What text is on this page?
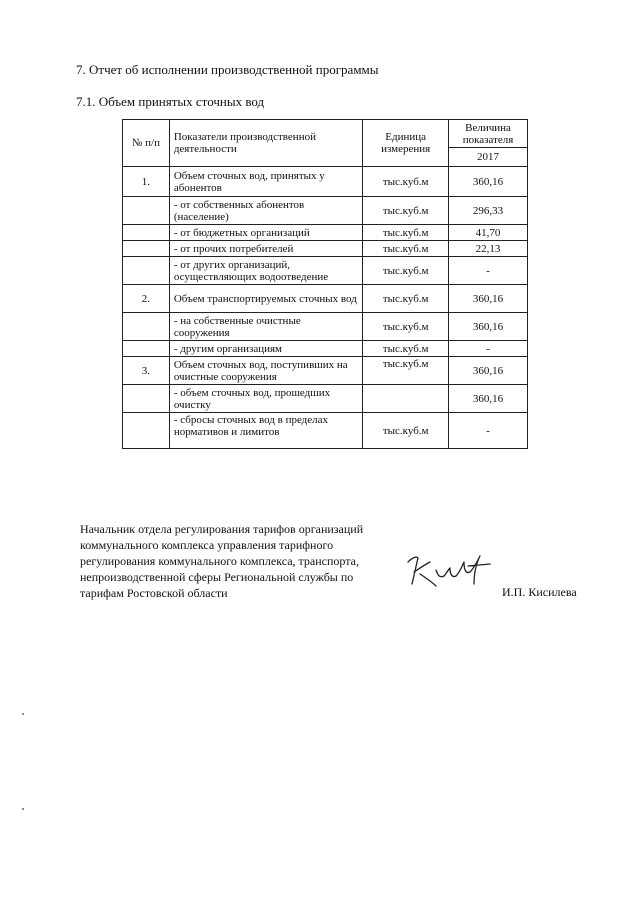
7. Отчет об исполнении производственной программы
7.1. Объем принятых сточных вод
№ п/п	Показатели производственной деятельности	Единица измерения	Величина показателя
			2017
1.	Объем сточных вод, принятых у абонентов	тыс.куб.м	360,16
	- от собственных абонентов (население)	тыс.куб.м	296,33
	- от бюджетных организаций	тыс.куб.м	41,70
	- от прочих потребителей	тыс.куб.м	22,13
	- от других организаций, осуществляющих водоотведение	тыс.куб.м	-
2.	Объем транспортируемых сточных вод	тыс.куб.м	360,16
	- на собственные очистные сооружения	тыс.куб.м	360,16
	- другим организациям	тыс.куб.м	-
3.	Объем сточных вод, поступивших на очистные сооружения	тыс.куб.м	360,16
	- объем сточных вод, прошедших очистку		360,16
	- сбросы сточных вод в пределах нормативов и лимитов	тыс.куб.м	-
Начальник отдела регулирования тарифов организаций
коммунального комплекса управления тарифного
регулирования коммунального комплекса, транспорта,
непроизводственной сферы Региональной службы по
тарифам Ростовской области	И.П. Кисилева
